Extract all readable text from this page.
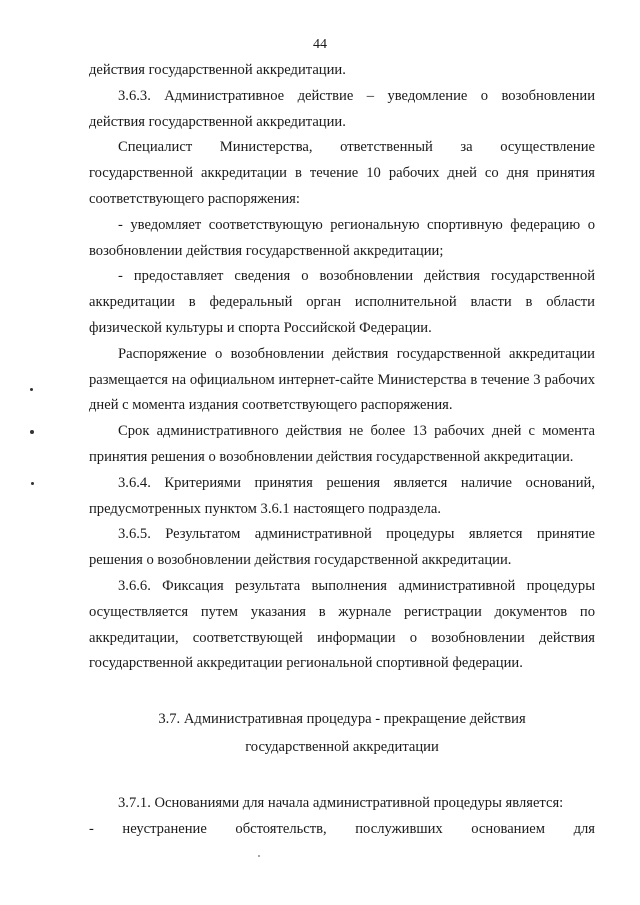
44

действия государственной аккредитации.

3.6.3. Административное действие – уведомление о возобновлении действия государственной аккредитации.

Специалист Министерства, ответственный за осуществление государственной аккредитации в течение 10 рабочих дней со дня принятия соответствующего распоряжения:

- уведомляет соответствующую региональную спортивную федерацию о возобновлении действия государственной аккредитации;

- предоставляет сведения о возобновлении действия государственной аккредитации в федеральный орган исполнительной власти в области физической культуры и спорта Российской Федерации.

Распоряжение о возобновлении действия государственной аккредитации размещается на официальном интернет-сайте Министерства в течение 3 рабочих дней с момента издания соответствующего распоряжения.

Срок административного действия не более 13 рабочих дней с момента принятия решения о возобновлении действия государственной аккредитации.

3.6.4. Критериями принятия решения является наличие оснований, предусмотренных пунктом 3.6.1 настоящего подраздела.

3.6.5. Результатом административной процедуры является принятие решения о возобновлении действия государственной аккредитации.

3.6.6. Фиксация результата выполнения административной процедуры осуществляется путем указания в журнале регистрации документов по аккредитации, соответствующей информации о возобновлении действия государственной аккредитации региональной спортивной федерации.

3.7. Административная процедура - прекращение действия
государственной аккредитации

3.7.1. Основаниями для начала административной процедуры является:

- неустранение обстоятельств, послуживших основанием для
